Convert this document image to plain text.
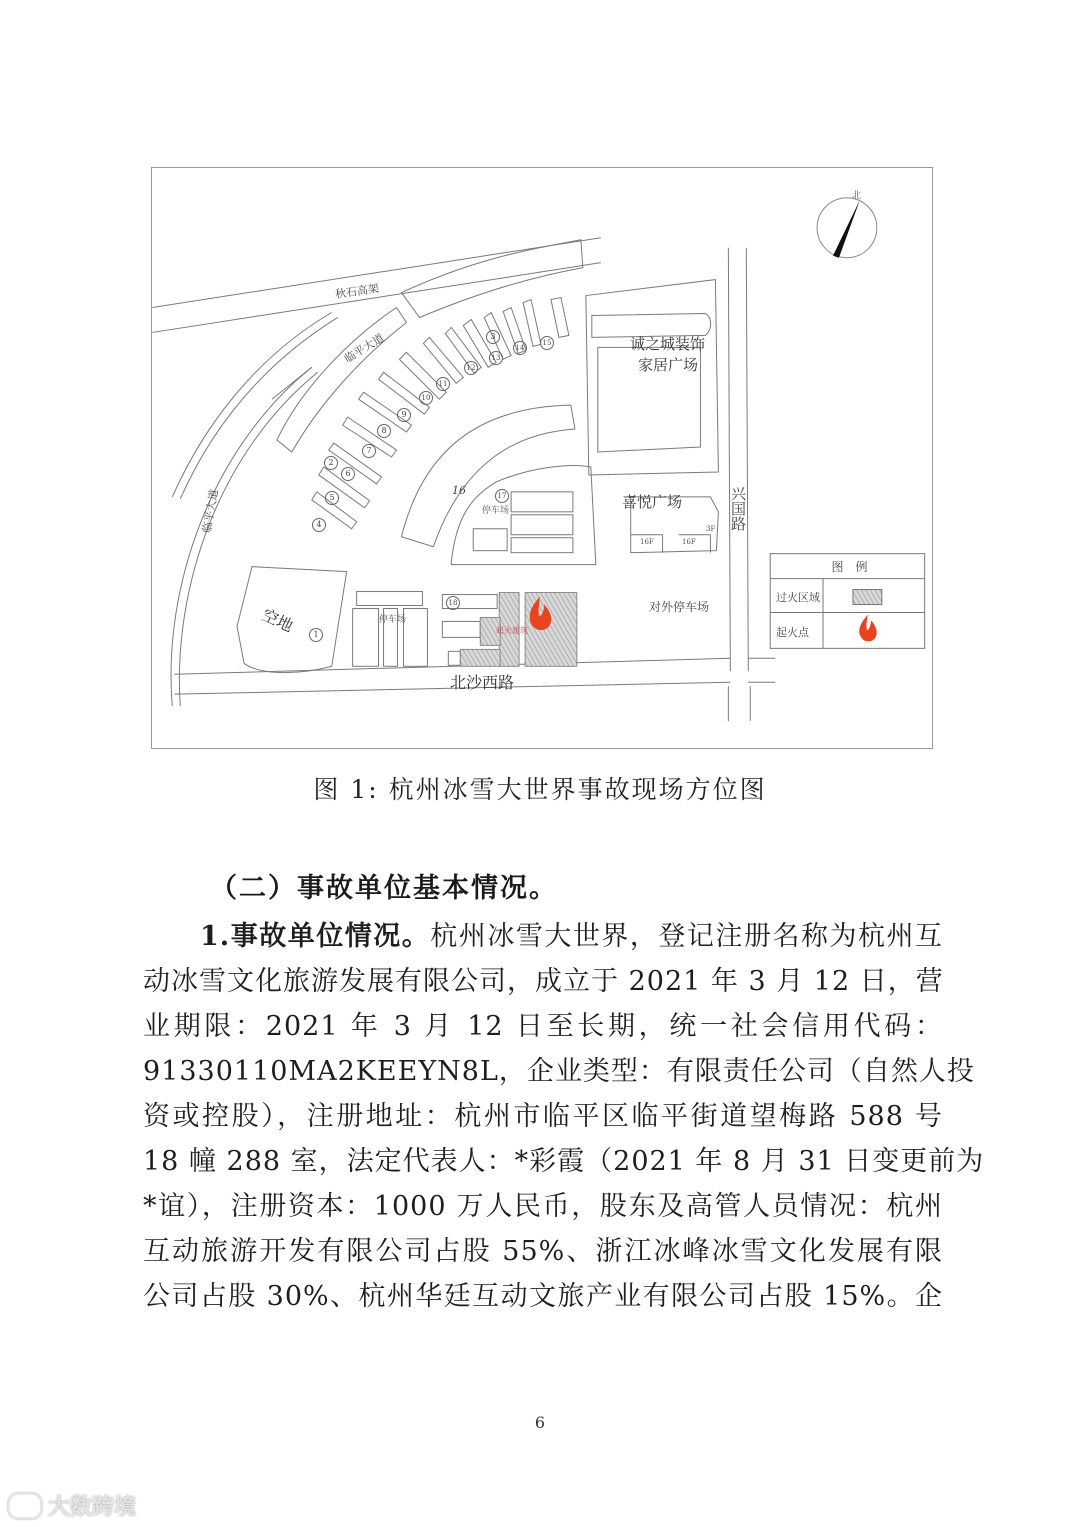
秋石高架
临平大道
临平大道	兴国路
北沙西路
诚之城装饰
家居广场
喜悦广场
16F	16F
3F
空地	停车场
停车场
对外停车场
起火建筑
16
1
2
3
4
5
6
7
8
9
10
11
12
13
14
15
17
18
北
图　例
过火区域
起火点
图 1: 杭州冰雪大世界事故现场方位图
（二）事故单位基本情况。
1.事故单位情况。杭州冰雪大世界，登记注册名称为杭州互
动冰雪文化旅游发展有限公司，成立于 2021 年 3 月 12 日，营
业期限：2021 年 3 月 12 日至长期，统一社会信用代码：
91330110MA2KEEYN8L，企业类型：有限责任公司（自然人投
资或控股），注册地址：杭州市临平区临平街道望梅路 588 号
18 幢 288 室，法定代表人：*彩霞（2021 年 8 月 31 日变更前为
*谊），注册资本：1000 万人民币，股东及高管人员情况：杭州
互动旅游开发有限公司占股 55%、浙江冰峰冰雪文化发展有限
公司占股 30%、杭州华廷互动文旅产业有限公司占股 15%。企
6
大数跨境
